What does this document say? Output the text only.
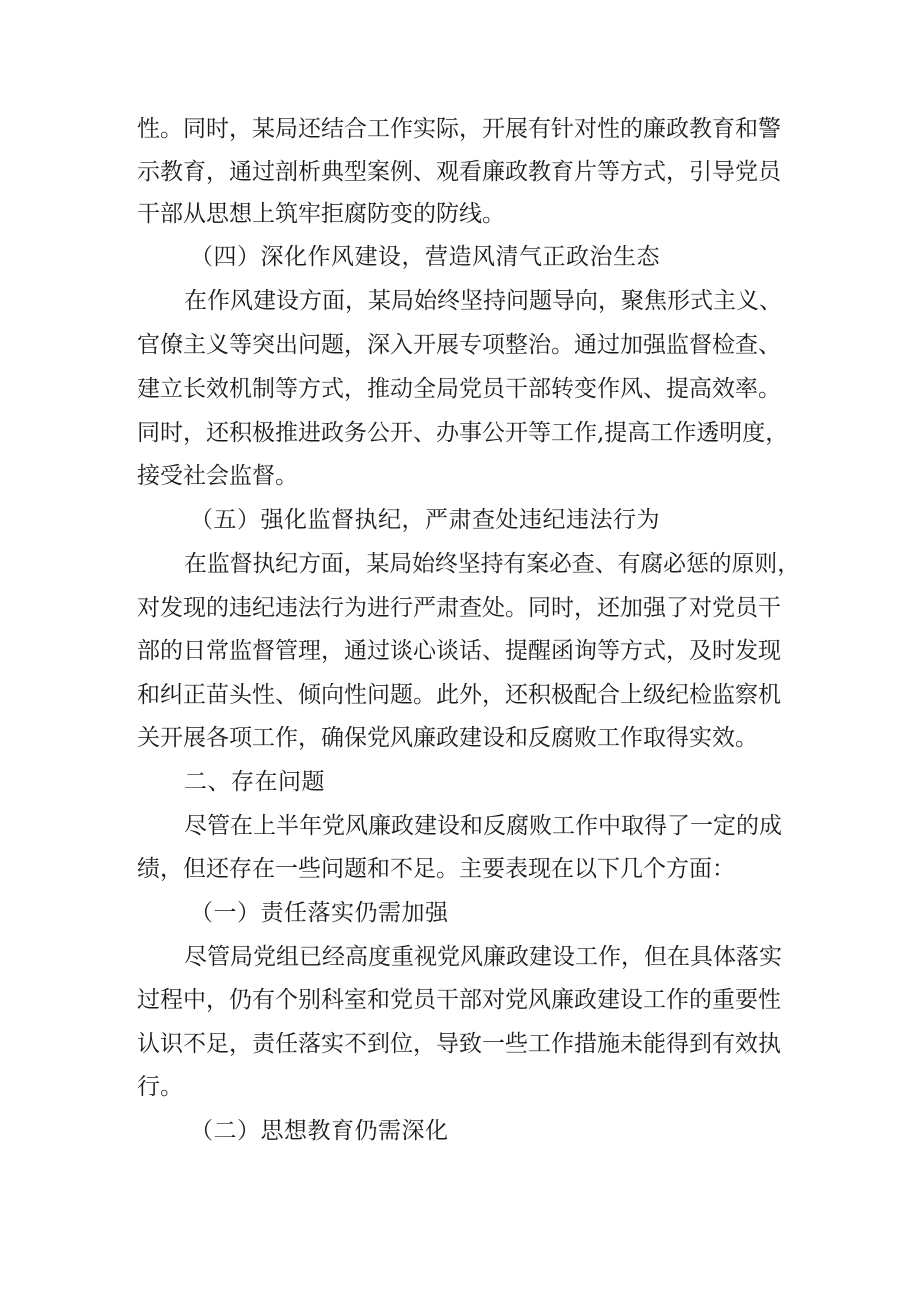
性。同时，某局还结合工作实际，开展有针对性的廉政教育和警
示教育，通过剖析典型案例、观看廉政教育片等方式，引导党员
干部从思想上筑牢拒腐防变的防线。
（四）深化作风建设，营造风清气正政治生态
在作风建设方面，某局始终坚持问题导向，聚焦形式主义、
官僚主义等突出问题，深入开展专项整治。通过加强监督检查、
建立长效机制等方式，推动全局党员干部转变作风、提高效率。
同时，还积极推进政务公开、办事公开等工作,提高工作透明度，
接受社会监督。
（五）强化监督执纪，严肃查处违纪违法行为
在监督执纪方面，某局始终坚持有案必查、有腐必惩的原则，
对发现的违纪违法行为进行严肃查处。同时，还加强了对党员干
部的日常监督管理，通过谈心谈话、提醒函询等方式，及时发现
和纠正苗头性、倾向性问题。此外，还积极配合上级纪检监察机
关开展各项工作，确保党风廉政建设和反腐败工作取得实效。
二、存在问题
尽管在上半年党风廉政建设和反腐败工作中取得了一定的成
绩，但还存在一些问题和不足。主要表现在以下几个方面：
（一）责任落实仍需加强
尽管局党组已经高度重视党风廉政建设工作，但在具体落实
过程中，仍有个别科室和党员干部对党风廉政建设工作的重要性
认识不足，责任落实不到位，导致一些工作措施未能得到有效执
行。
（二）思想教育仍需深化
